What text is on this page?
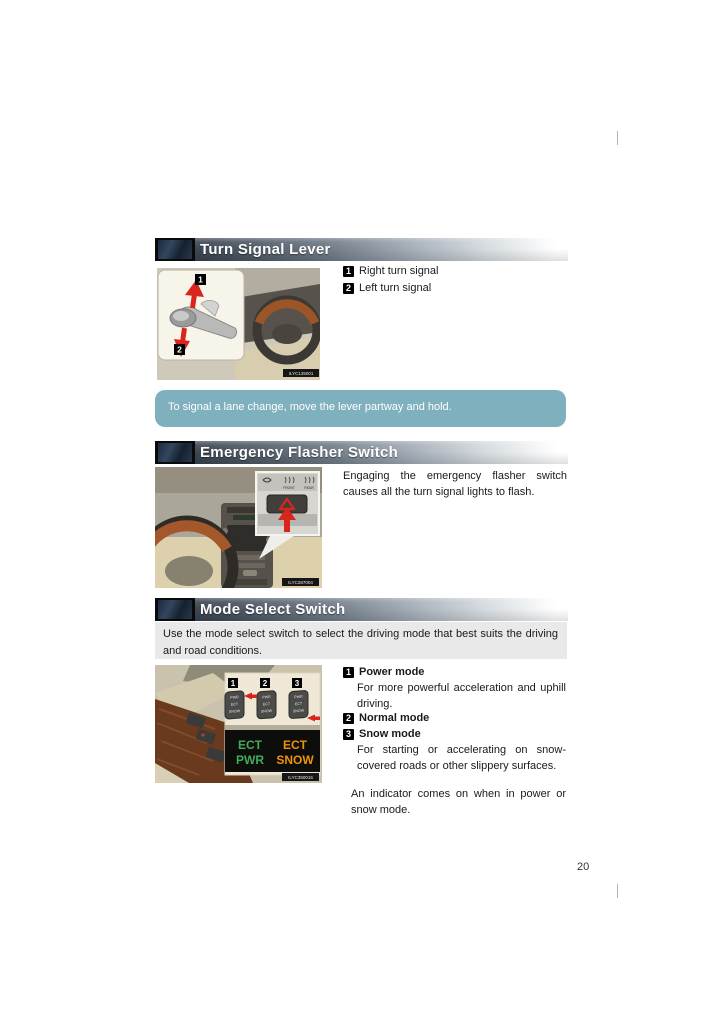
Turn Signal Lever
1
2
ILYC135001
1 Right turn signal
2 Left turn signal
To signal a lane change, move the lever partway and hold.
Emergency Flasher Switch
FRONT	REAR
ILYC287004
Engaging the emergency flasher switch causes all the turn signal lights to flash.
Mode Select Switch
Use the mode select switch to select the driving mode that best suits the driving and road conditions.
1	2	3
PWR
ECT
SNOW
PWR
ECT
SNOW
PWR
ECT
SNOW
ECT
PWR
ECT
SNOW
ILYC350016
1 Power mode
For more powerful acceleration and uphill driving.
2 Normal mode
3 Snow mode
For starting or accelerating on snow-covered roads or other slippery surfaces.
An indicator comes on when in power or snow mode.
20
